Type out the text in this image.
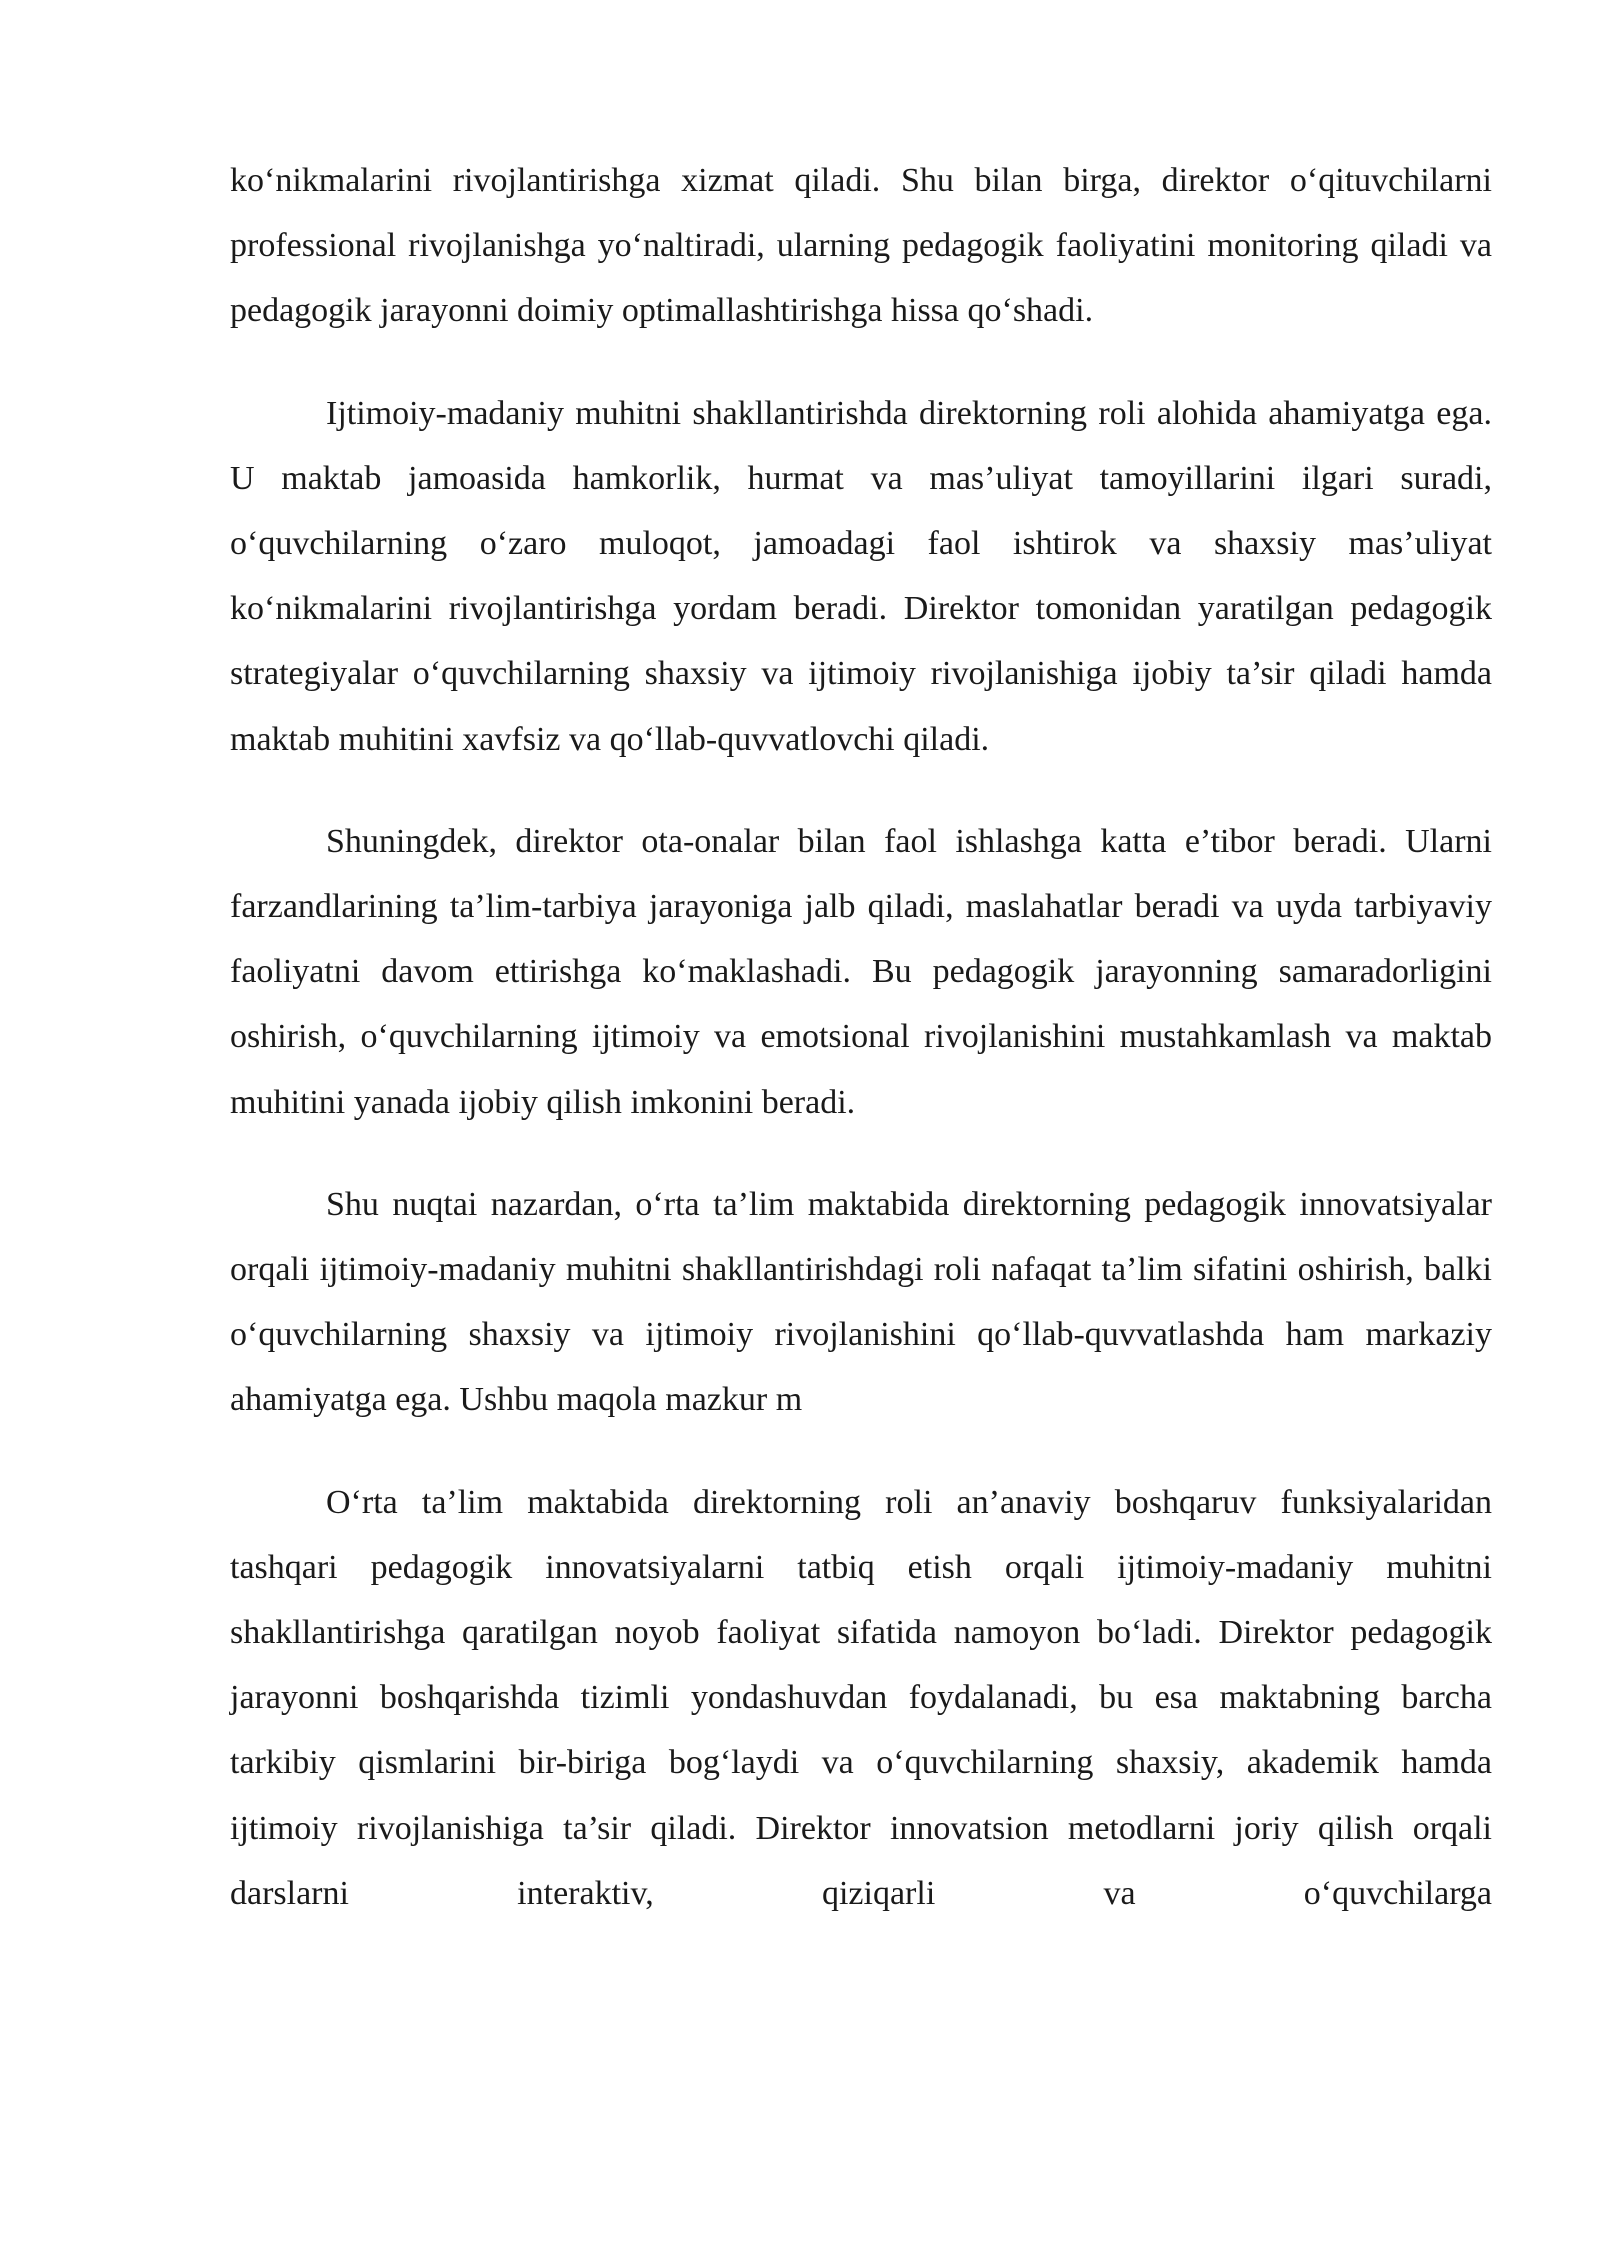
ko‘nikmalarini rivojlantirishga xizmat qiladi. Shu bilan birga, direktor o‘qituvchilarni professional rivojlanishga yo‘naltiradi, ularning pedagogik faoliyatini monitoring qiladi va pedagogik jarayonni doimiy optimallashtirishga hissa qo‘shadi.

Ijtimoiy-madaniy muhitni shakllantirishda direktorning roli alohida ahamiyatga ega. U maktab jamoasida hamkorlik, hurmat va mas’uliyat tamoyillarini ilgari suradi, o‘quvchilarning o‘zaro muloqot, jamoadagi faol ishtirok va shaxsiy mas’uliyat ko‘nikmalarini rivojlantirishga yordam beradi. Direktor tomonidan yaratilgan pedagogik strategiyalar o‘quvchilarning shaxsiy va ijtimoiy rivojlanishiga ijobiy ta’sir qiladi hamda maktab muhitini xavfsiz va qo‘llab-quvvatlovchi qiladi.

Shuningdek, direktor ota-onalar bilan faol ishlashga katta e’tibor beradi. Ularni farzandlarining ta’lim-tarbiya jarayoniga jalb qiladi, maslahatlar beradi va uyda tarbiyaviy faoliyatni davom ettirishga ko‘maklashadi. Bu pedagogik jarayonning samaradorligini oshirish, o‘quvchilarning ijtimoiy va emotsional rivojlanishini mustahkamlash va maktab muhitini yanada ijobiy qilish imkonini beradi.

Shu nuqtai nazardan, o‘rta ta’lim maktabida direktorning pedagogik innovatsiyalar orqali ijtimoiy-madaniy muhitni shakllantirishdagi roli nafaqat ta’lim sifatini oshirish, balki o‘quvchilarning shaxsiy va ijtimoiy rivojlanishini qo‘llab-quvvatlashda ham markaziy ahamiyatga ega. Ushbu maqola mazkur m

O‘rta ta’lim maktabida direktorning roli an’anaviy boshqaruv funksiyalaridan tashqari pedagogik innovatsiyalarni tatbiq etish orqali ijtimoiy-madaniy muhitni shakllantirishga qaratilgan noyob faoliyat sifatida namoyon bo‘ladi. Direktor pedagogik jarayonni boshqarishda tizimli yondashuvdan foydalanadi, bu esa maktabning barcha tarkibiy qismlarini bir-biriga bog‘laydi va o‘quvchilarning shaxsiy, akademik hamda ijtimoiy rivojlanishiga ta’sir qiladi. Direktor innovatsion metodlarni joriy qilish orqali darslarni interaktiv, qiziqarli va o‘quvchilarga
